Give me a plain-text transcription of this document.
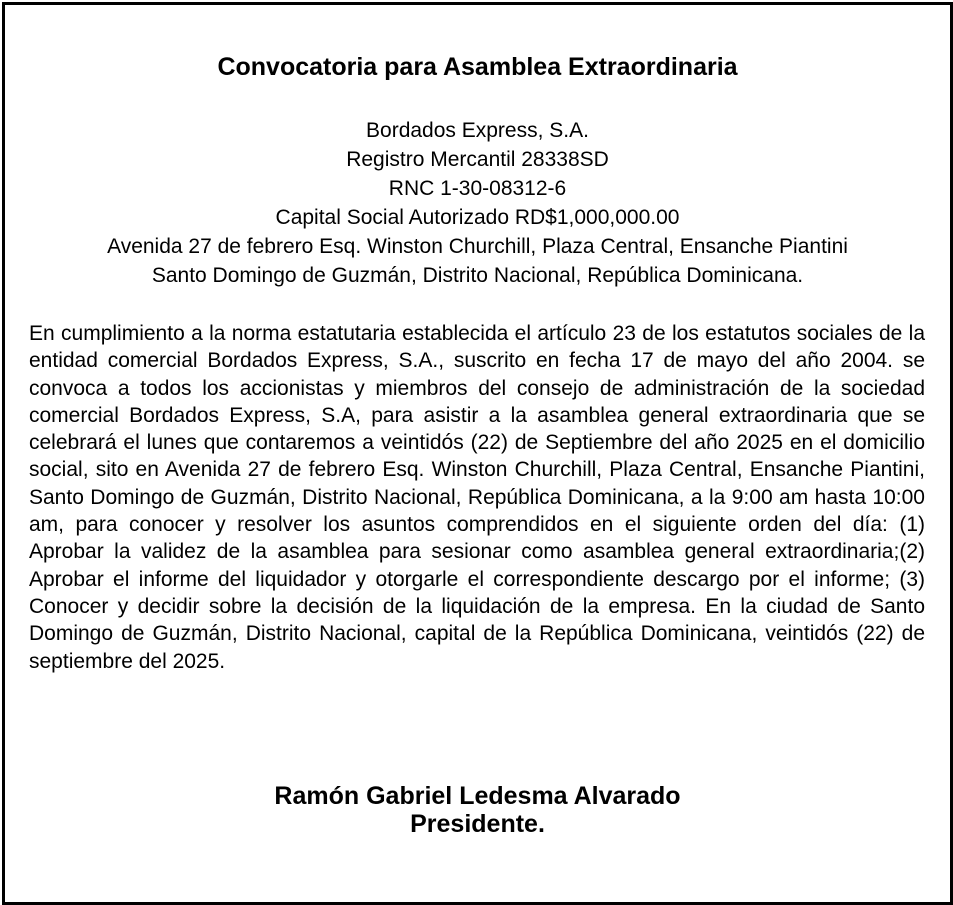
Convocatoria para Asamblea Extraordinaria
Bordados Express, S.A.
Registro Mercantil 28338SD
RNC 1-30-08312-6
Capital Social Autorizado RD$1,000,000.00
Avenida 27 de febrero Esq. Winston Churchill, Plaza Central, Ensanche Piantini
Santo Domingo de Guzmán, Distrito Nacional, República Dominicana.

En cumplimiento a la norma estatutaria establecida el artículo 23 de los estatutos sociales de la entidad comercial Bordados Express, S.A., suscrito en fecha 17 de mayo del año 2004. se convoca a todos los accionistas y miembros del consejo de administración de la sociedad comercial Bordados Express, S.A, para asistir a la asamblea general extraordinaria que se celebrará el lunes que contaremos a veintidós (22) de Septiembre del año 2025 en el domicilio social, sito en Avenida 27 de febrero Esq. Winston Churchill, Plaza Central, Ensanche Piantini, Santo Domingo de Guzmán, Distrito Nacional, República Dominicana, a la 9:00 am hasta 10:00 am, para conocer y resolver los asuntos comprendidos en el siguiente orden del día: (1) Aprobar la validez de la asamblea para sesionar como asamblea general extraordinaria;(2) Aprobar el informe del liquidador y otorgarle el correspondiente descargo por el informe; (3) Conocer y decidir sobre la decisión de la liquidación de la empresa. En la ciudad de Santo Domingo de Guzmán, Distrito Nacional, capital de la República Dominicana, veintidós (22) de septiembre del 2025.

Ramón Gabriel Ledesma Alvarado
Presidente.
